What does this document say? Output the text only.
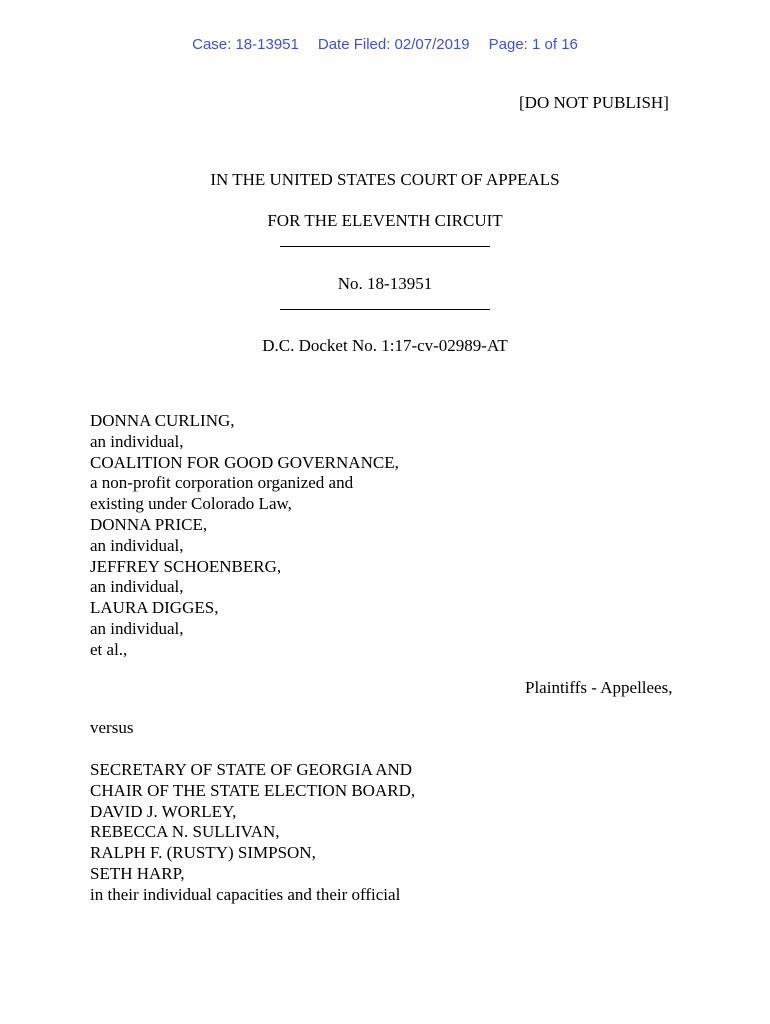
Case: 18-13951 Date Filed: 02/07/2019 Page: 1 of 16
[DO NOT PUBLISH]
IN THE UNITED STATES COURT OF APPEALS
FOR THE ELEVENTH CIRCUIT
No. 18-13951
D.C. Docket No. 1:17-cv-02989-AT
DONNA CURLING,
an individual,
COALITION FOR GOOD GOVERNANCE,
a non-profit corporation organized and
existing under Colorado Law,
DONNA PRICE,
an individual,
JEFFREY SCHOENBERG,
an individual,
LAURA DIGGES,
an individual,
et al.,
Plaintiffs - Appellees,
versus
SECRETARY OF STATE OF GEORGIA AND
CHAIR OF THE STATE ELECTION BOARD,
DAVID J. WORLEY,
REBECCA N. SULLIVAN,
RALPH F. (RUSTY) SIMPSON,
SETH HARP,
in their individual capacities and their official
